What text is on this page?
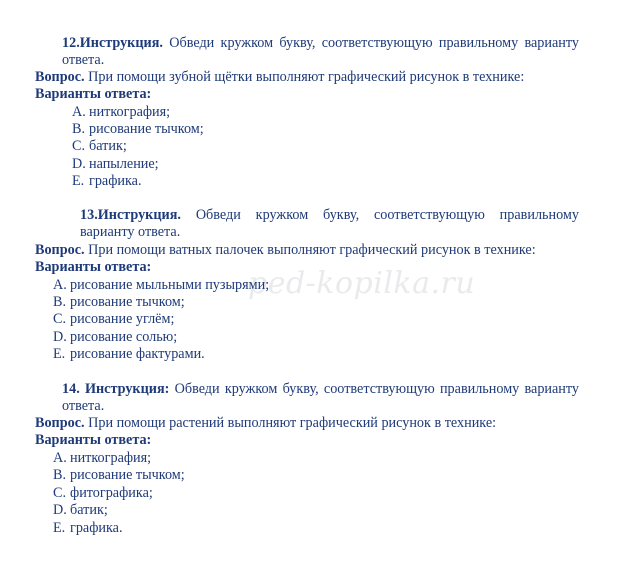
ped-kopilka.ru
12.Инструкция. Обведи кружком букву, соответствующую правильному варианту ответа.
Вопрос. При помощи зубной щётки выполняют графический рисунок в технике:
Варианты ответа:
A. ниткография;
B. рисование тычком;
C. батик;
D. напыление;
E. графика.
13.Инструкция. Обведи кружком букву, соответствующую правильному варианту ответа.
Вопрос. При помощи ватных палочек выполняют графический рисунок в технике:
Варианты ответа:
A. рисование мыльными пузырями;
B. рисование тычком;
C. рисование углём;
D. рисование солью;
E. рисование фактурами.
14. Инструкция: Обведи кружком букву, соответствующую правильному варианту ответа.
Вопрос. При помощи растений выполняют графический рисунок в технике:
Варианты ответа:
A. ниткография;
B. рисование тычком;
C. фитографика;
D. батик;
E. графика.
